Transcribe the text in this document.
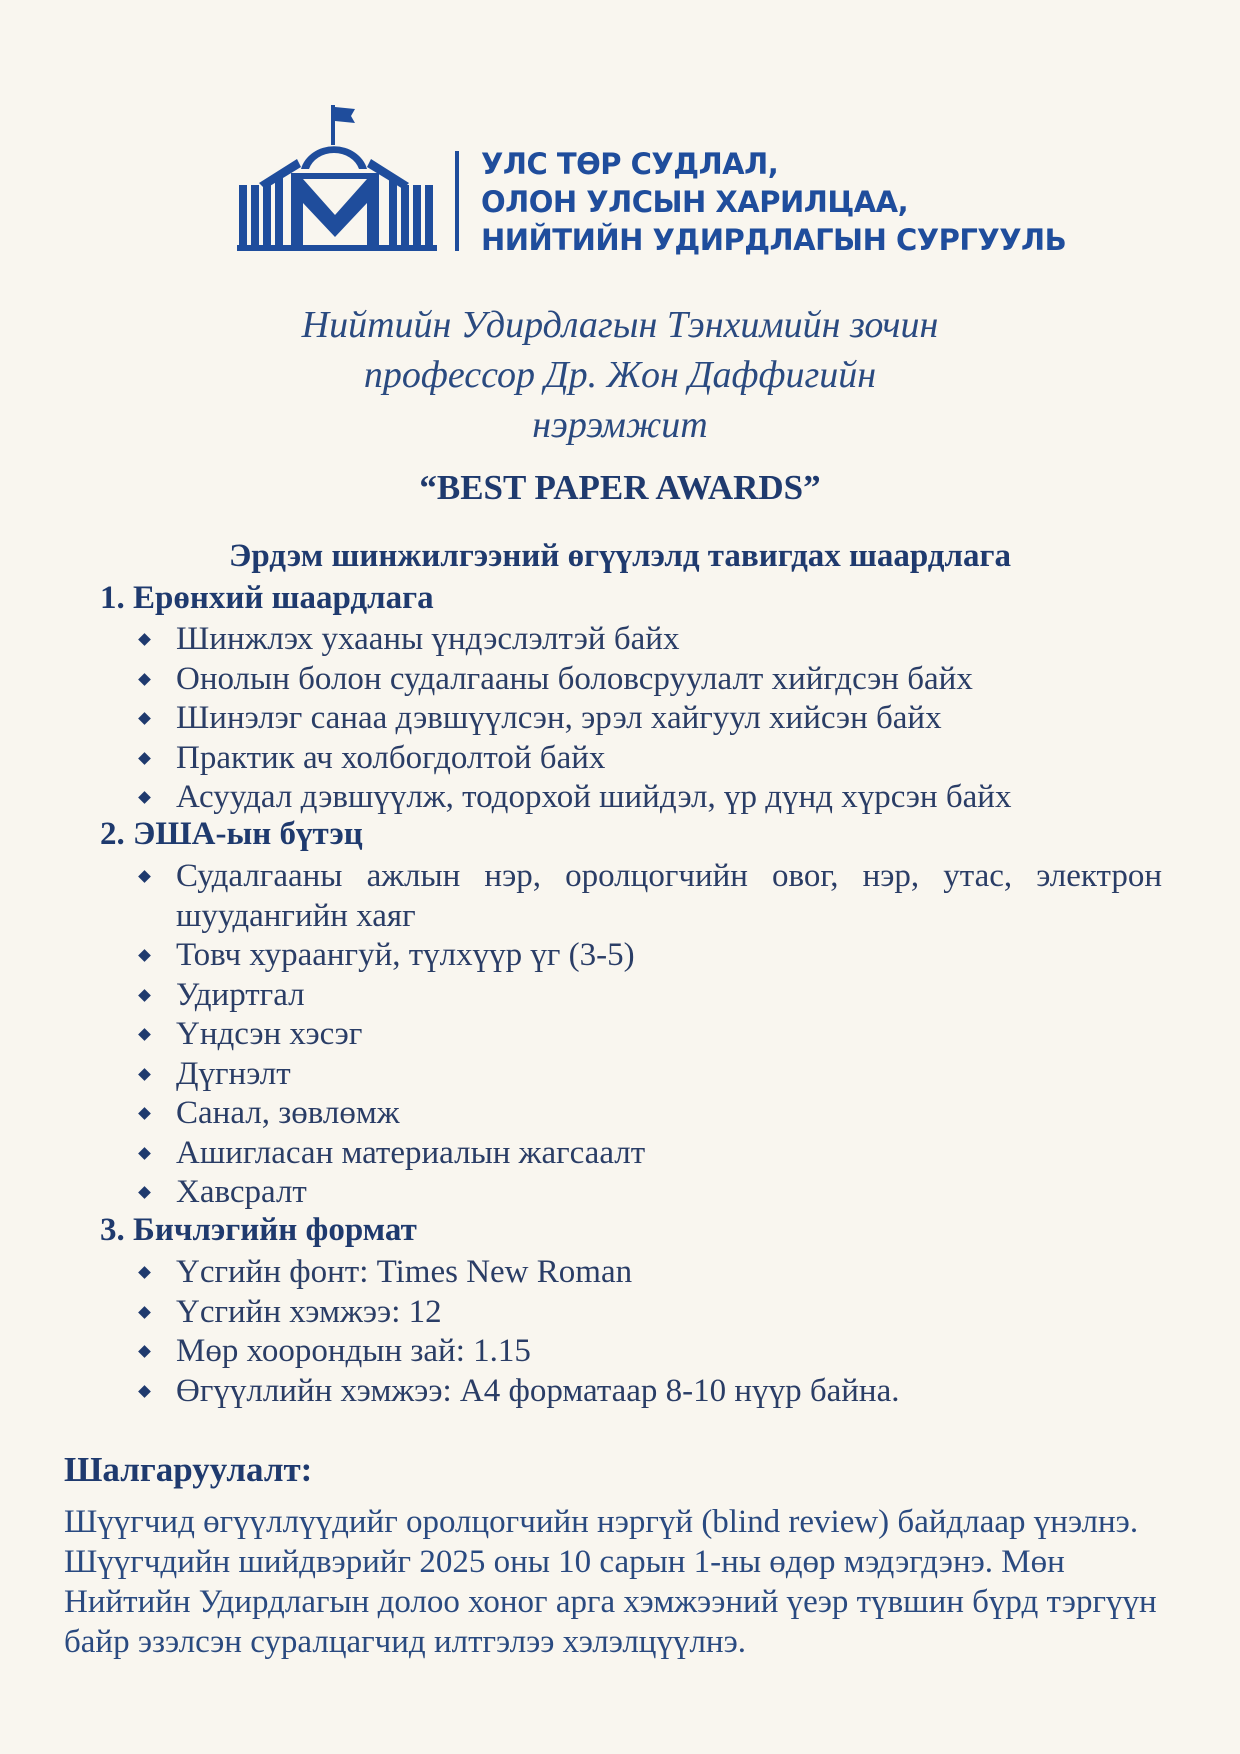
УЛС ТӨР СУДЛАЛ,
ОЛОН УЛСЫН ХАРИЛЦАА,
НИЙТИЙН УДИРДЛАГЫН СУРГУУЛЬ
Нийтийн Удирдлагын Тэнхимийн зочин
профессор Др. Жон Даффигийн
нэрэмжит
“BEST PAPER AWARDS”
Эрдэм шинжилгээний өгүүлэлд тавигдах шаардлага
1. Ерөнхий шаардлага
Шинжлэх ухааны үндэслэлтэй байх
Онолын болон судалгааны боловсруулалт хийгдсэн байх
Шинэлэг санаа дэвшүүлсэн, эрэл хайгуул хийсэн байх
Практик ач холбогдолтой байх
Асуудал дэвшүүлж, тодорхой шийдэл, үр дүнд хүрсэн байх
2. ЭША-ын бүтэц
Судалгааны ажлын нэр, оролцогчийн овог, нэр, утас, электрон шуудангийн хаяг
Товч хураангуй, түлхүүр үг (3-5)
Удиртгал
Үндсэн хэсэг
Дүгнэлт
Санал, зөвлөмж
Ашигласан материалын жагсаалт
Хавсралт
3. Бичлэгийн формат
Үсгийн фонт: Times New Roman
Үсгийн хэмжээ: 12
Мөр хоорондын зай: 1.15
Өгүүллийн хэмжээ: А4 форматаар 8-10 нүүр байна.
Шалгаруулалт:
Шүүгчид өгүүллүүдийг оролцогчийн нэргүй (blind review) байдлаар үнэлнэ. Шүүгчдийн шийдвэрийг 2025 оны 10 сарын 1-ны өдөр мэдэгдэнэ. Мөн Нийтийн Удирдлагын долоо хоног арга хэмжээний үеэр түвшин бүрд тэргүүн байр эзэлсэн суралцагчид илтгэлээ хэлэлцүүлнэ.
